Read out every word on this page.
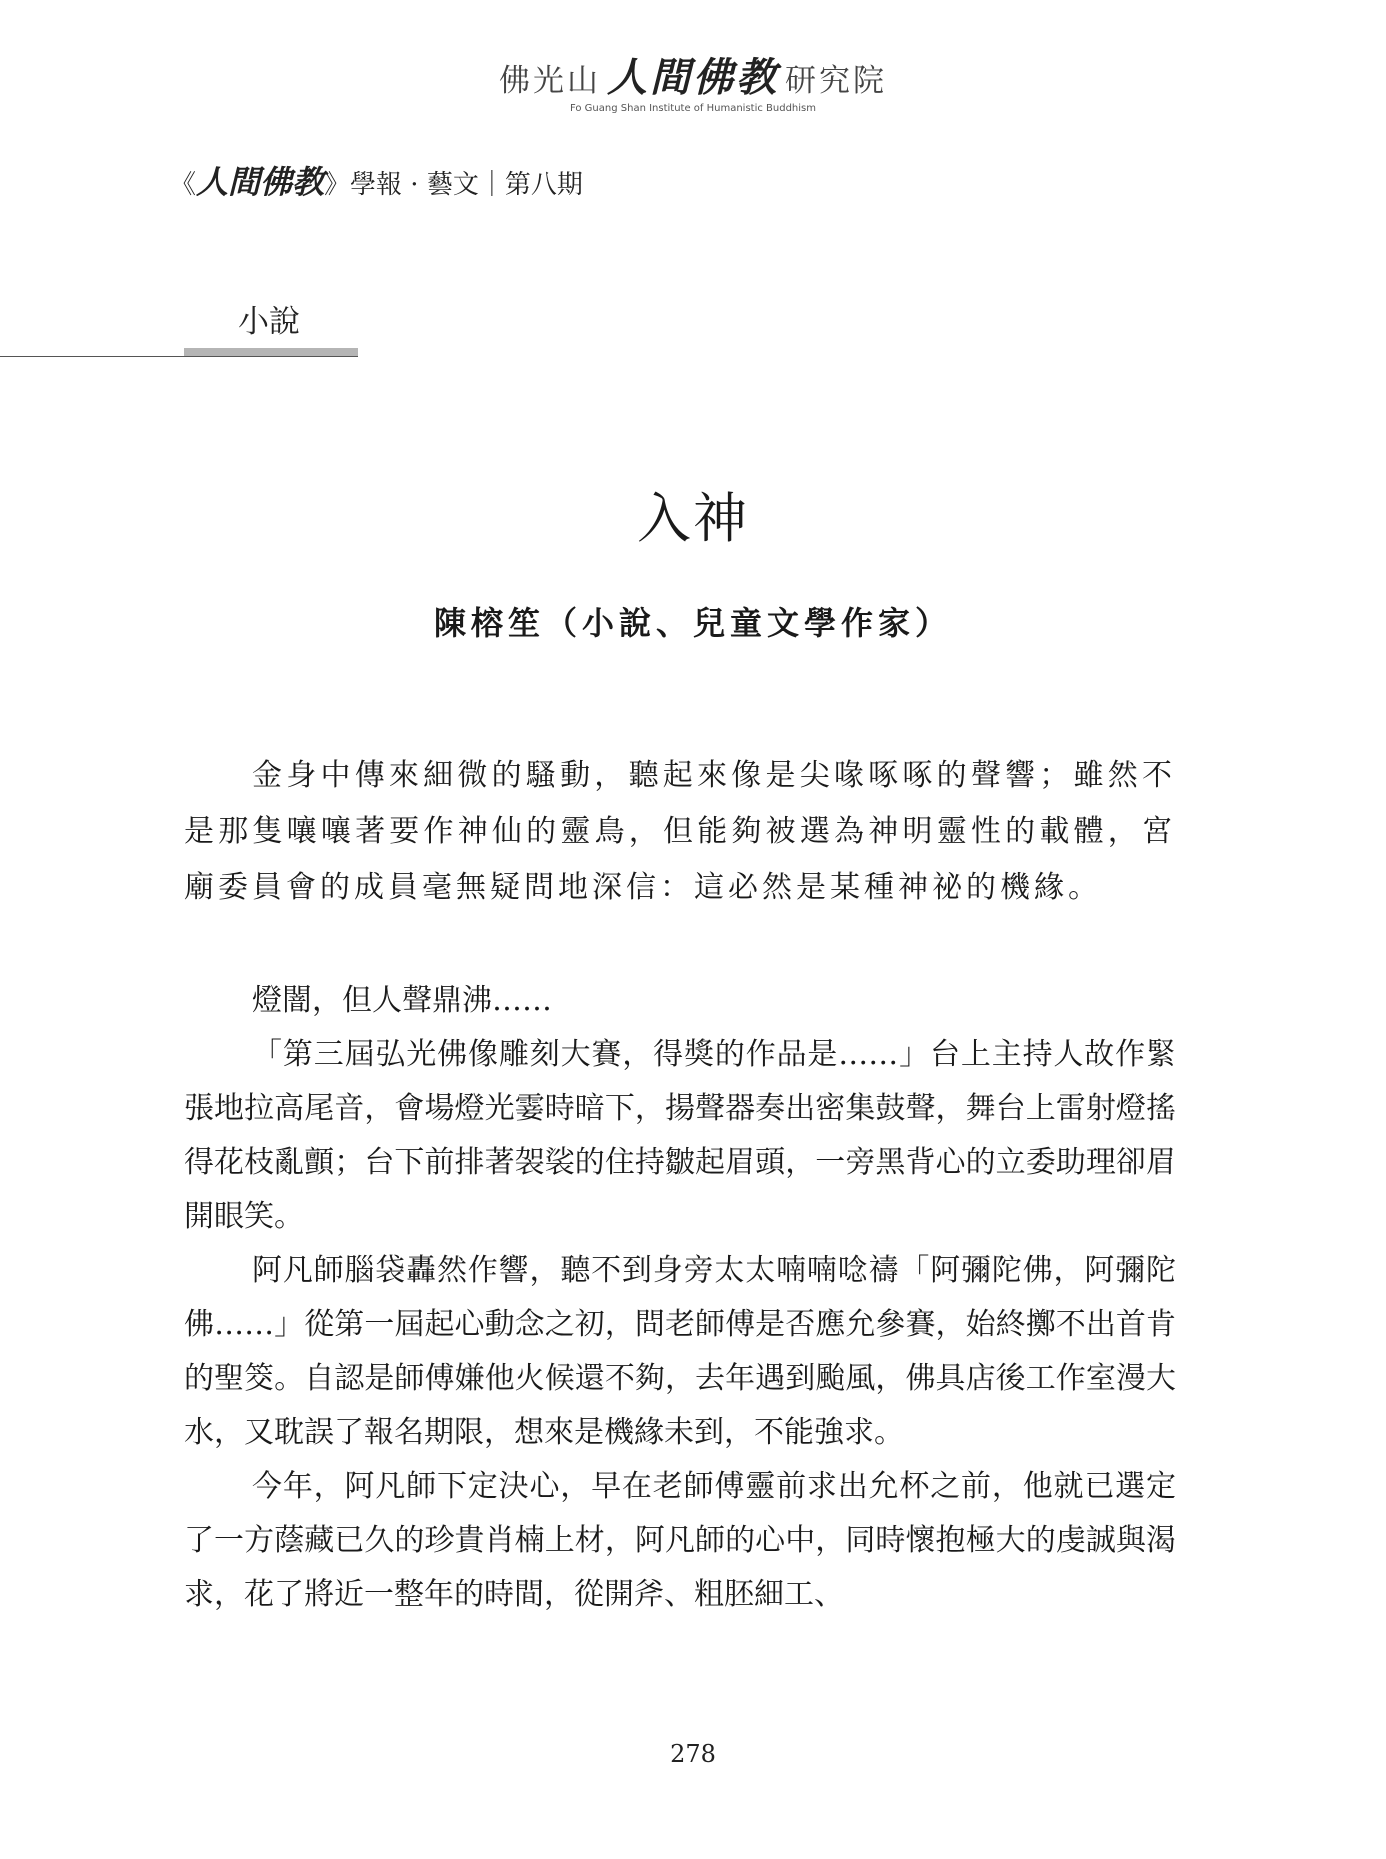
佛光山 人間佛教 研究院
Fo Guang Shan Institute of Humanistic Buddhism
《人間佛教》學報 · 藝文｜第八期
小說
入神
陳榕笙（小說、兒童文學作家）

金身中傳來細微的騷動，聽起來像是尖喙啄啄的聲響；雖然不是那隻嚷嚷著要作神仙的靈鳥，但能夠被選為神明靈性的載體，宮廟委員會的成員毫無疑問地深信：這必然是某種神祕的機緣。

燈闇，但人聲鼎沸……

「第三屆弘光佛像雕刻大賽，得獎的作品是……」台上主持人故作緊張地拉高尾音，會場燈光霎時暗下，揚聲器奏出密集鼓聲，舞台上雷射燈搖得花枝亂顫；台下前排著袈裟的住持皺起眉頭，一旁黑背心的立委助理卻眉開眼笑。

阿凡師腦袋轟然作響，聽不到身旁太太喃喃唸禱「阿彌陀佛，阿彌陀佛……」從第一屆起心動念之初，問老師傅是否應允參賽，始終擲不出首肯的聖筊。自認是師傅嫌他火候還不夠，去年遇到颱風，佛具店後工作室漫大水，又耽誤了報名期限，想來是機緣未到，不能強求。

今年，阿凡師下定決心，早在老師傅靈前求出允杯之前，他就已選定了一方蔭藏已久的珍貴肖楠上材，阿凡師的心中，同時懷抱極大的虔誠與渴求，花了將近一整年的時間，從開斧、粗胚細工、

278
